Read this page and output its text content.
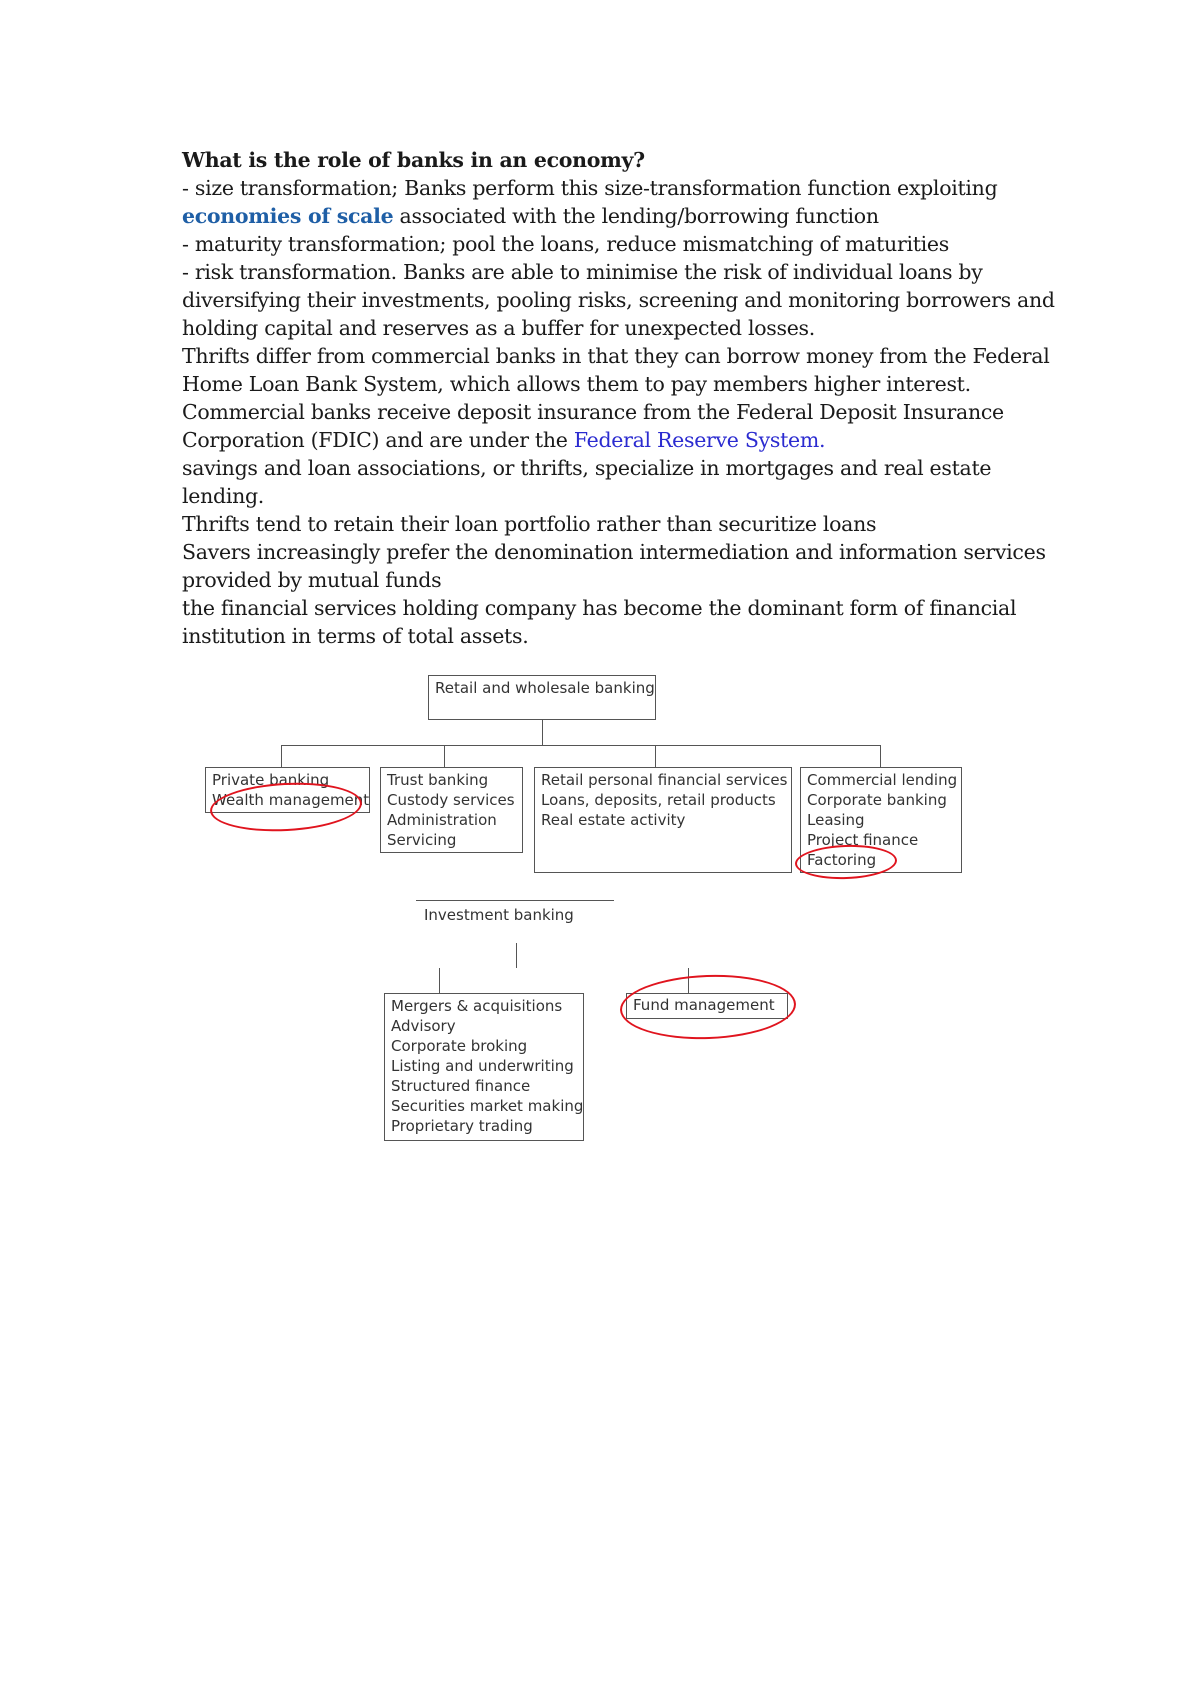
What is the role of banks in an economy?

- size transformation; Banks perform this size-transformation function exploiting economies of scale associated with the lending/borrowing function

- maturity transformation; pool the loans, reduce mismatching of maturities

- risk transformation. Banks are able to minimise the risk of individual loans by diversifying their investments, pooling risks, screening and monitoring borrowers and holding capital and reserves as a buffer for unexpected losses.

Thrifts differ from commercial banks in that they can borrow money from the Federal Home Loan Bank System, which allows them to pay members higher interest.

Commercial banks receive deposit insurance from the Federal Deposit Insurance Corporation (FDIC) and are under the Federal Reserve System.

savings and loan associations, or thrifts, specialize in mortgages and real estate lending.

Thrifts tend to retain their loan portfolio rather than securitize loans

Savers increasingly prefer the denomination intermediation and information services provided by mutual funds

the financial services holding company has become the dominant form of financial institution in terms of total assets.

Retail and wholesale banking
Private banking
Wealth management
Trust banking
Custody services
Administration
Servicing
Retail personal financial services
Loans, deposits, retail products
Real estate activity
Commercial lending
Corporate banking
Leasing
Project finance
Factoring
Investment banking
Mergers & acquisitions
Advisory
Corporate broking
Listing and underwriting
Structured finance
Securities market making
Proprietary trading
Fund management
